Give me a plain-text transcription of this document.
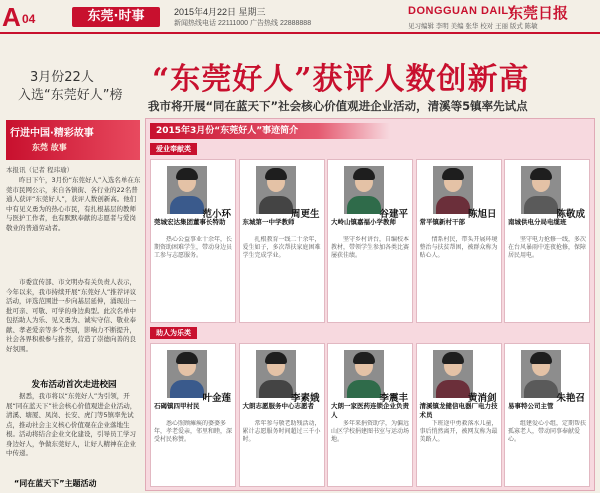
A 04	东莞·时事	2015年4月22日 星期三
新闻热线电话 22111000 广告热线 22888888
DONGGUAN DAILY
东莞日报
见习编辑 李明 美编 张华 校对 王丽 版式 陈敏
3月份22人
入选“东莞好人”榜 “东莞好人”获评人数创新高
我市将开展“同在蓝天下”社会核心价值观进企业活动，清溪等5镇率先试点
行进中国·精彩故事
东莞 故事
本报讯（记者 程玮瑜）

昨日下午，3月份“东莞好人”入选名单在东莞市民网公示，来自各镇街、各行业的22名普通人获评“东莞好人”，获评人数创新高。他们中有见义勇为的热心市民，有扎根基层的教师与医护工作者，也有默默奉献的志愿者与爱岗敬业的普通劳动者。

市委宣传部、市文明办有关负责人表示，今年以来，我市持续开展“东莞好人”推荐评议活动，评选范围进一步向基层延伸，涌现出一批可亲、可敬、可学的身边典型。此次名单中包括助人为乐、见义勇为、诚实守信、敬业奉献、孝老爱亲等多个类别，影响力不断提升，社会各界积极参与推荐，营造了崇德向善的良好氛围。

发布活动首次走进校园

据悉，我市将以“东莞好人”为引领，开展“同在蓝天下”社会核心价值观进企业活动，清溪、塘厦、凤岗、长安、虎门等5镇率先试点，推动社会主义核心价值观在企业落地生根。活动将结合企业文化建设，引导员工学习身边好人，争做东莞好人，让好人精神在企业中传递。

“同在蓝天下”主题活动
2015年3月份“东莞好人”事迹简介
爱业奉献类
范小环
莞城宏达集团董事长特助
热心公益事业十余年，长期资助困难学生，带动身边员工参与志愿服务。
周更生
东城第一中学教师
扎根教育一线二十余年，爱生如子，多次帮扶家庭困难学生完成学业。
谷建平
大岭山镇嘉福小学教师
坚守乡村讲台，自编校本教材，带领学生参加各类比赛屡获佳绩。
陈旭日
常平镇新村干部
情系村民，带头开展环境整治与扶贫帮困，被群众称为贴心人。
陈敬成
南城供电分局电缆班
坚守电力抢修一线，多次在台风暴雨中连夜抢修，保障居民用电。
助人为乐类
叶金莲
石碣镇四甲村民
悉心照顾瘫痪的婆婆多年，孝老爱亲，邻里和睦，深受村民称赞。
李素娥
大朗志愿服务中心志愿者
常年参与敬老助残活动，累计志愿服务时间超过三千小时。
李震丰
大朗一家医药连锁企业负责人
多年来捐资助学，为偏远山区学校捐建图书室与运动场地。
黄消剑
清溪镇龙健信电器厂电力技术员
下班途中勇救落水儿童，事后悄然离开，被网友称为最美路人。
朱艳召
易事特公司主管
组建爱心小组，定期帮扶孤寡老人，带动同事奉献爱心。
